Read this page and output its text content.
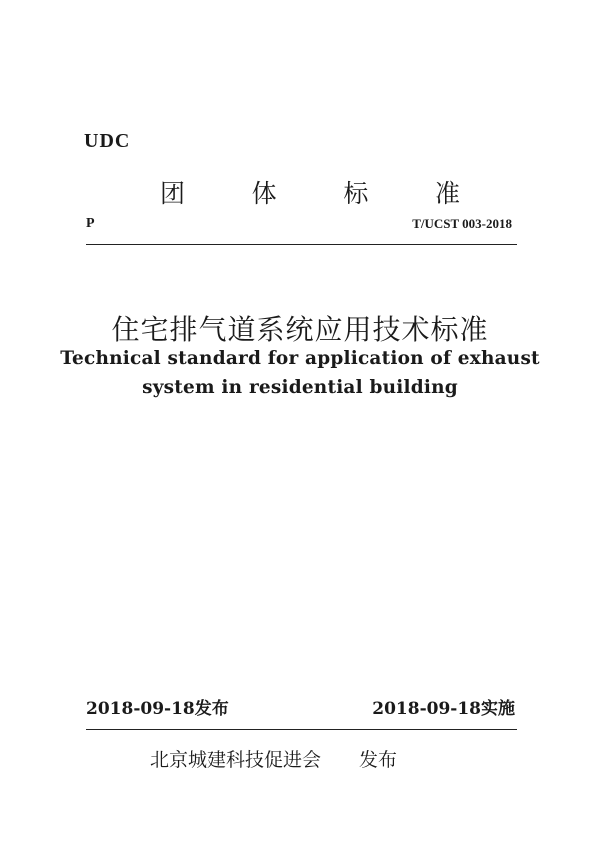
UDC
团	体	标	准
P	T/UCST 003-2018
住宅排气道系统应用技术标准
Technical standard for application of exhaust
system in residential building
2018-09-18发布	2018-09-18实施
北京城建科技促进会 发布
